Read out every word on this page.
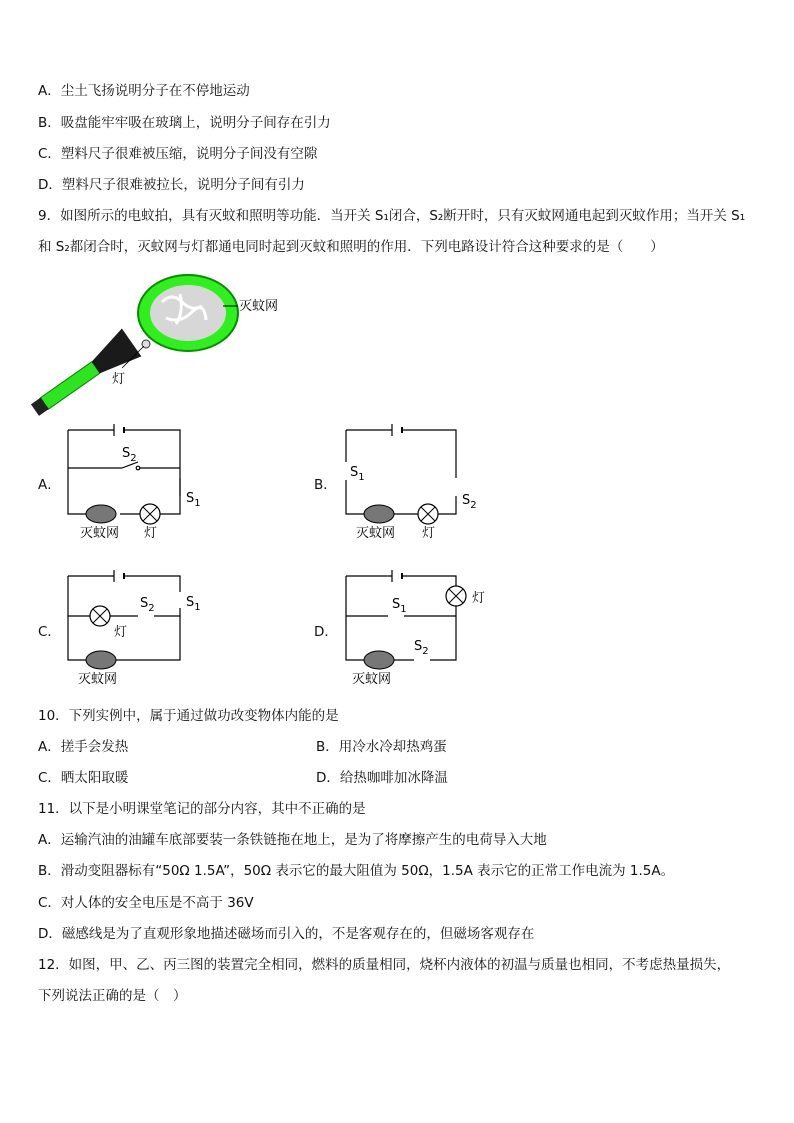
A．尘土飞扬说明分子在不停地运动
B．吸盘能牢牢吸在玻璃上，说明分子间存在引力
C．塑料尺子很难被压缩，说明分子间没有空隙
D．塑料尺子很难被拉长，说明分子间有引力
9．如图所示的电蚊拍，具有灭蚊和照明等功能．当开关 S₁闭合，S₂断开时，只有灭蚊网通电起到灭蚊作用；当开关 S₁
和 S₂都闭合时，灭蚊网与灯都通电同时起到灭蚊和照明的作用．下列电路设计符合这种要求的是（　　）
灭蚊网
灯
A．
$S_2$
$S_1$
灭蚊网 灯
B．
$S_1$
$S_2$
灭蚊网 灯
C．
$S_2$ $S_1$
灯
灭蚊网
D．
灯
$S_1$
$S_2$
灭蚊网
10．下列实例中，属于通过做功改变物体内能的是
A．搓手会发热	B．用冷水冷却热鸡蛋
C．晒太阳取暖	D．给热咖啡加冰降温
11．以下是小明课堂笔记的部分内容，其中不正确的是
A．运输汽油的油罐车底部要装一条铁链拖在地上，是为了将摩擦产生的电荷导入大地
B．滑动变阻器标有“50Ω 1.5A”，50Ω 表示它的最大阻值为 50Ω，1.5A 表示它的正常工作电流为 1.5A。
C．对人体的安全电压是不高于 36V
D．磁感线是为了直观形象地描述磁场而引入的，不是客观存在的，但磁场客观存在
12．如图，甲、乙、丙三图的装置完全相同，燃料的质量相同，烧杯内液体的初温与质量也相同，不考虑热量损失，
下列说法正确的是（　）
